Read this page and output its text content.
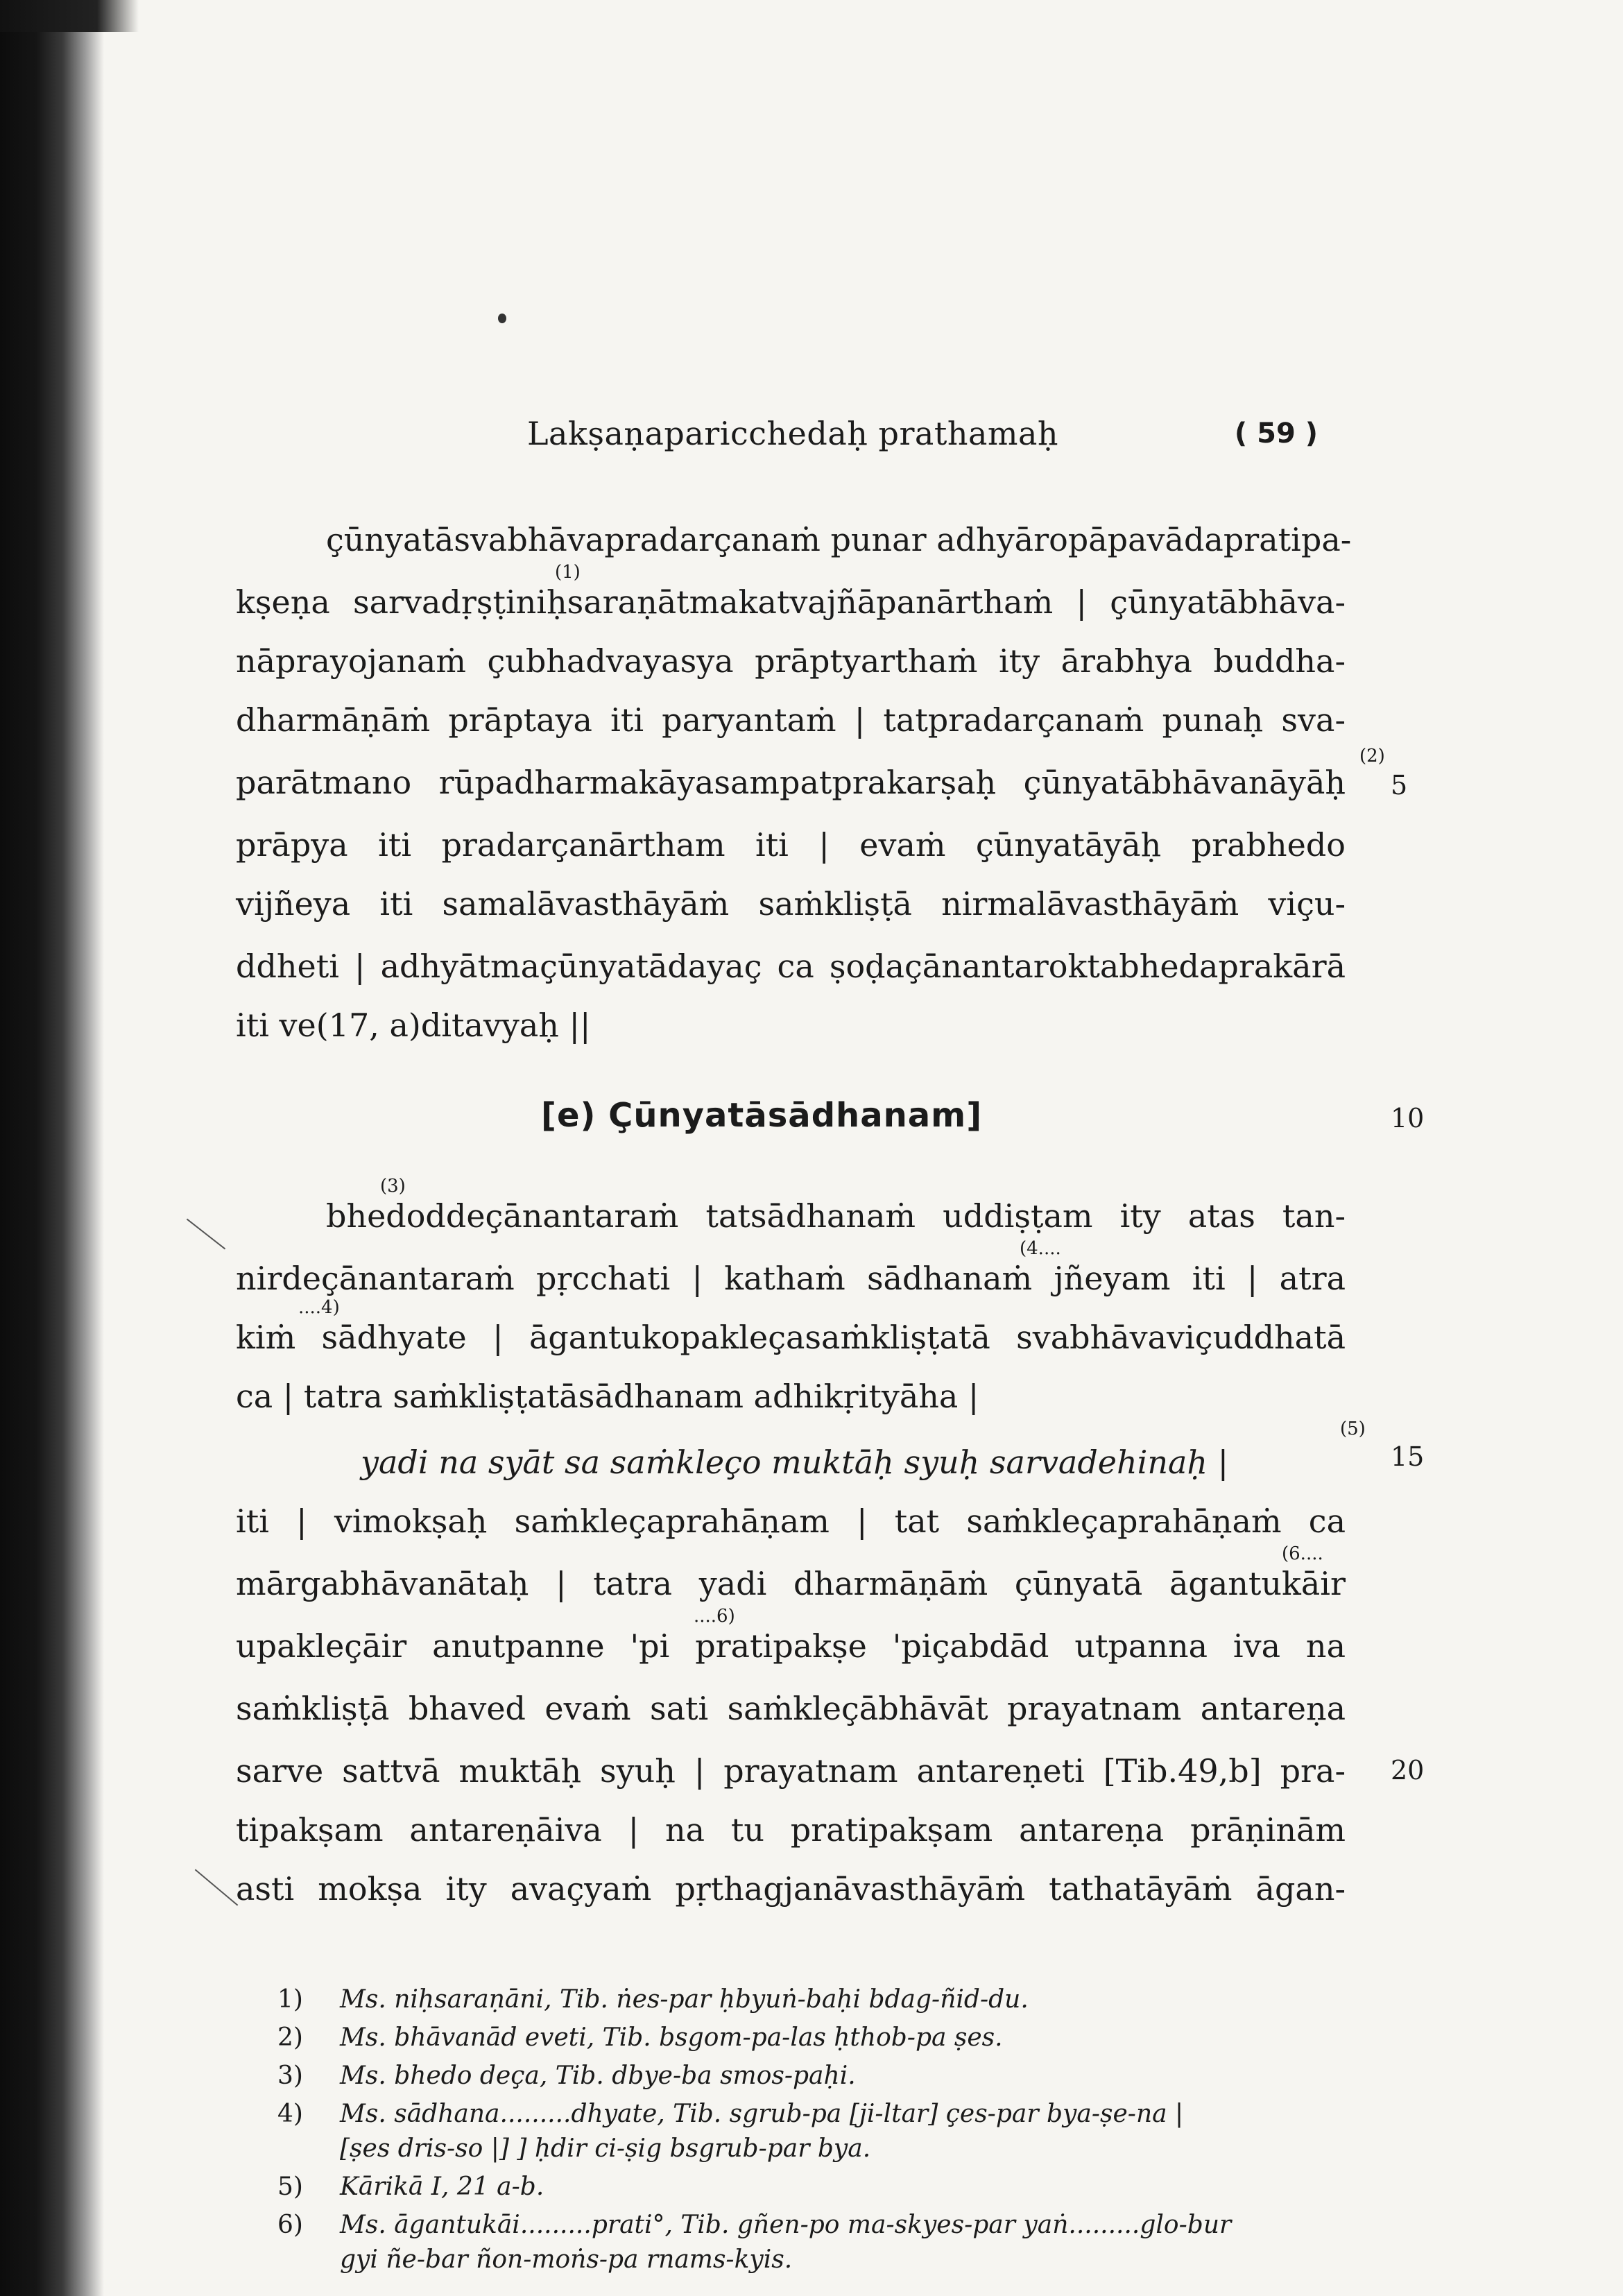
Lakṣaṇaparicchedaḥ prathamaḥ	( 59 )
çūnyatāsvabhāvapradarçanaṁ punar adhyāropāpavādapratipa-
kṣeṇa sarvadṛṣṭiniḥsaraṇātmakatvajñāpanārthaṁ | çūnyatābhāva-
nāprayojanaṁ çubhadvayasya prāptyarthaṁ ity ārabhya buddha-
dharmāṇāṁ prāptaya iti paryantaṁ | tatpradarçanaṁ punaḥ sva-
parātmano rūpadharmakāyasampatprakarṣaḥ çūnyatābhāvanāyāḥ
prāpya iti pradarçanārtham iti | evaṁ çūnyatāyāḥ prabhedo
vijñeya iti samalāvasthāyāṁ saṁkliṣṭā nirmalāvasthāyāṁ viçu-
ddheti | adhyātmaçūnyatādayaç ca ṣoḍaçānantaroktabhedaprakārā
iti ve(17, a)ditavyaḥ ||
[e) Çūnyatāsādhanam]
bhedoddeçānantaraṁ tatsādhanaṁ uddiṣṭam ity atas tan-
nirdeçānantaraṁ pṛcchati | kathaṁ sādhanaṁ jñeyam iti | atra
kiṁ sādhyate | āgantukopakleçasaṁkliṣṭatā svabhāvaviçuddhatā
ca | tatra saṁkliṣṭatāsādhanam adhikṛityāha |
yadi na syāt sa saṁkleço muktāḥ syuḥ sarvadehinaḥ |
iti | vimokṣaḥ saṁkleçaprahāṇam | tat saṁkleçaprahāṇaṁ ca
mārgabhāvanātaḥ | tatra yadi dharmāṇāṁ çūnyatā āgantukāir
upakleçāir anutpanne 'pi pratipakṣe 'piçabdād utpanna iva na
saṁkliṣṭā bhaved evaṁ sati saṁkleçābhāvāt prayatnam antareṇa
sarve sattvā muktāḥ syuḥ | prayatnam antareṇeti [Tib.49,b] pra-
tipakṣam antareṇāiva | na tu pratipakṣam antareṇa prāṇinām
asti mokṣa ity avaçyaṁ pṛthagjanāvasthāyāṁ tathatāyāṁ āgan-
(1)
(2)
(3)
(4....
....4)
(5)
(6....
....6)
5
10
15
20
1) Ms. niḥsaraṇāni, Tib. ṅes-par ḥbyuṅ-baḥi bdag-ñid-du.
2) Ms. bhāvanād eveti, Tib. bsgom-pa-las ḥthob-pa ṣes.
3) Ms. bhedo deça, Tib. dbye-ba smos-paḥi.
4) Ms. sādhana.........dhyate, Tib. sgrub-pa [ji-ltar] çes-par bya-ṣe-na |
[ṣes dris-so |] ] ḥdir ci-ṣig bsgrub-par bya.
5) Kārikā I, 21 a-b.
6) Ms. āgantukāi.........prati°, Tib. gñen-po ma-skyes-par yaṅ.........glo-bur
gyi ñe-bar ñon-moṅs-pa rnams-kyis.
